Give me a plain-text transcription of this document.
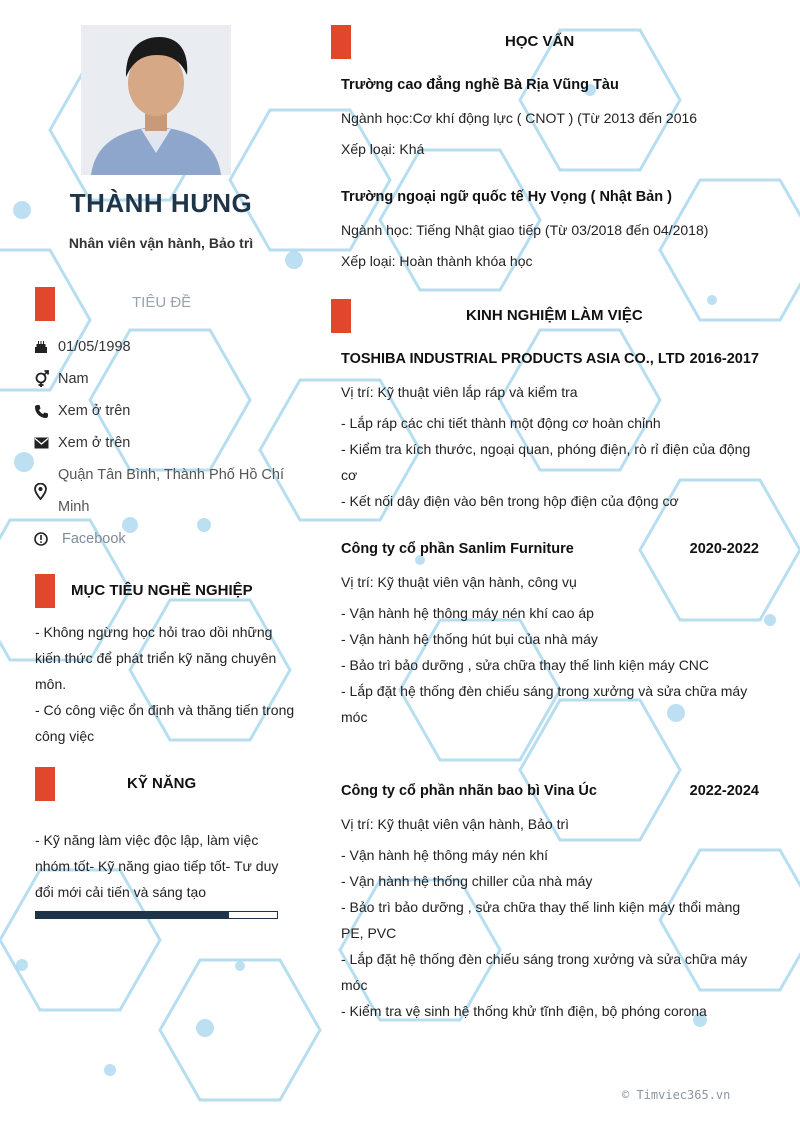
THÀNH HƯNG
Nhân viên vận hành, Bảo trì
TIÊU ĐỀ
01/05/1998
Nam
Xem ở trên
Xem ở trên
Quận Tân Bình, Thành Phố Hồ Chí Minh
Facebook
MỤC TIÊU NGHỀ NGHIỆP
- Không ngừng học hỏi trao dồi những kiến thức để phát triển kỹ năng chuyên môn.
- Có công việc ổn định và thăng tiến trong công việc
KỸ NĂNG
- Kỹ năng làm việc độc lập, làm việc nhóm tốt- Kỹ năng giao tiếp tốt- Tư duy đổi mới cải tiến và sáng tạo
HỌC VẤN
Trường cao đẳng nghề Bà Rịa Vũng Tàu
Ngành học:Cơ khí động lực ( CNOT ) (Từ 2013 đến 2016
Xếp loại: Khá
Trường ngoại ngữ quốc tế Hy Vọng ( Nhật Bản )
Ngành học: Tiếng Nhật giao tiếp (Từ 03/2018 đến 04/2018)
Xếp loại: Hoàn thành khóa học
KINH NGHIỆM LÀM VIỆC
TOSHIBA INDUSTRIAL PRODUCTS ASIA CO., LTD 2016-2017
Vị trí: Kỹ thuật viên lắp ráp và kiểm tra
- Lắp ráp các chi tiết thành một động cơ hoàn chỉnh
- Kiểm tra kích thước, ngoại quan, phóng điện, rò rỉ điện của động cơ
- Kết nối dây điện vào bên trong hộp điện của động cơ
Công ty cổ phần Sanlim Furniture	2020-2022
Vị trí: Kỹ thuật viên vận hành, công vụ
- Vận hành hệ thông máy nén khí cao áp
- Vận hành hệ thống hút bụi của nhà máy
- Bảo trì bảo dưỡng , sửa chữa thay thế linh kiện máy CNC
- Lắp đặt hệ thống đèn chiếu sáng trong xưởng và sửa chữa máy móc
Công ty cổ phần nhãn bao bì Vina Úc	2022-2024
Vị trí: Kỹ thuật viên vận hành, Bảo trì
- Vận hành hệ thông máy nén khí
- Vận hành hệ thống chiller của nhà máy
- Bảo trì bảo dưỡng , sửa chữa thay thế linh kiện máy thổi màng PE, PVC
- Lắp đặt hệ thống đèn chiếu sáng trong xưởng và sửa chữa máy móc
- Kiểm tra vệ sinh hệ thống khử tĩnh điện, bộ phóng corona
© Timviec365.vn
